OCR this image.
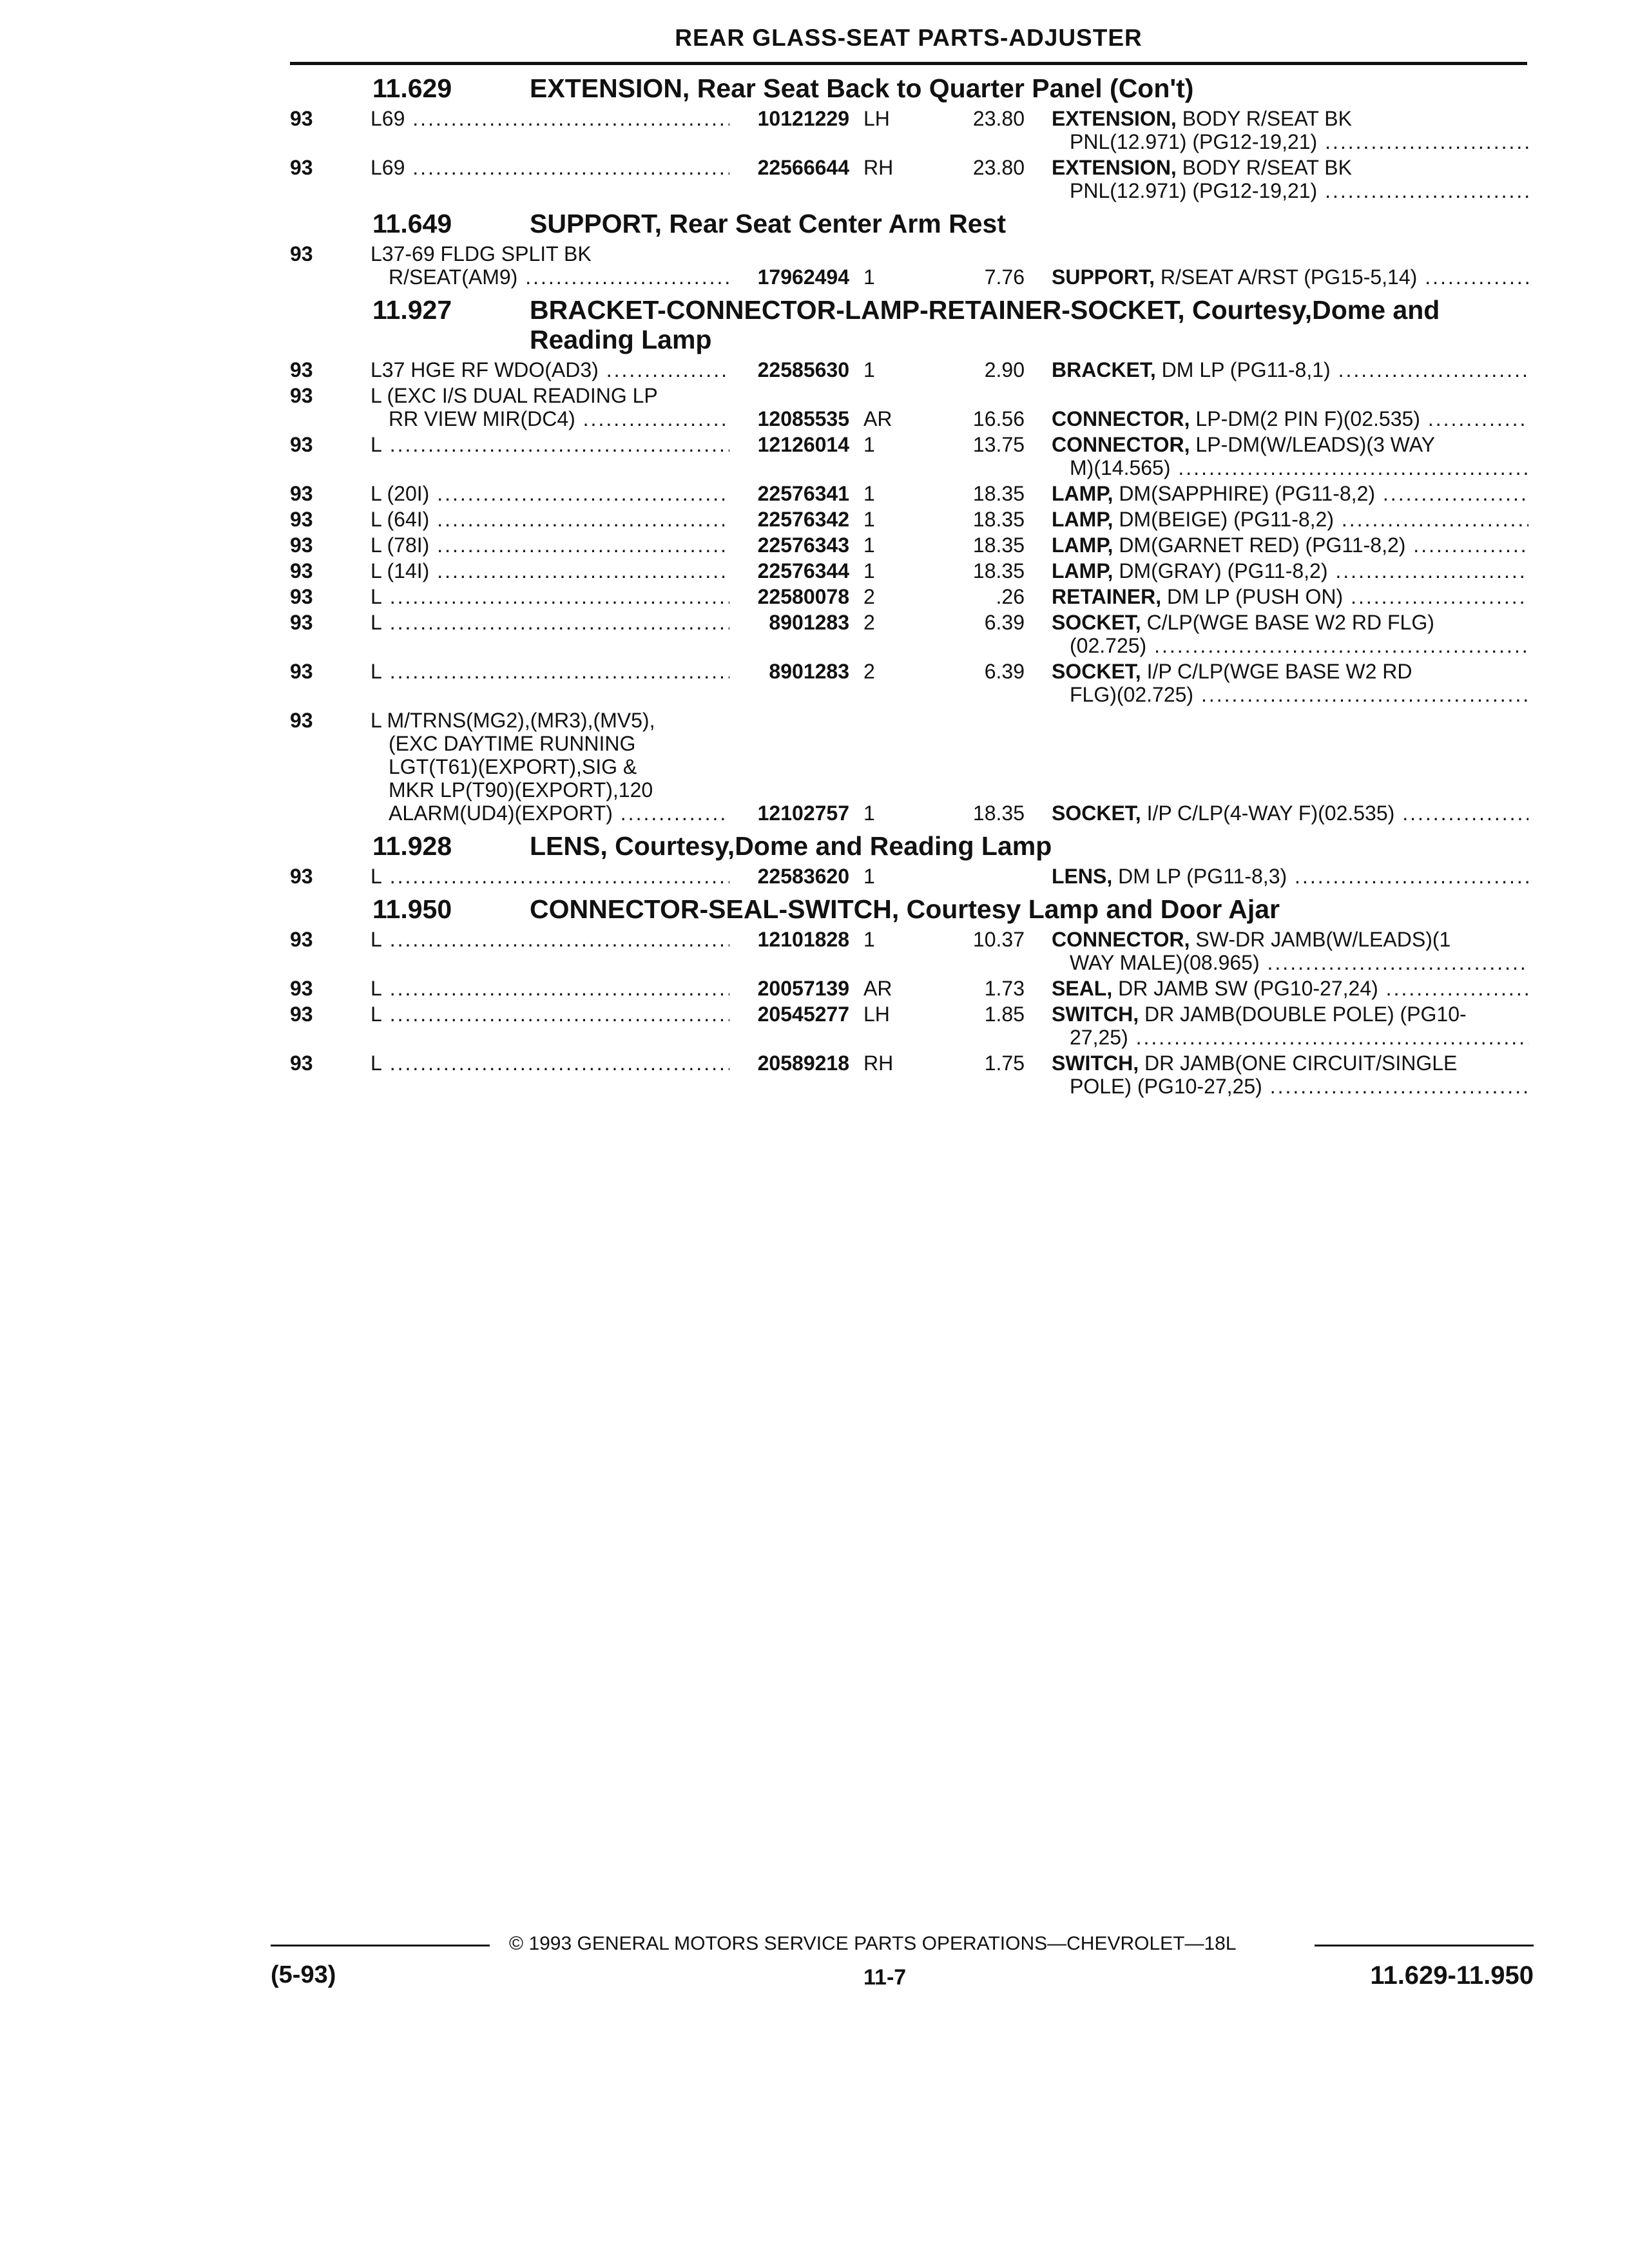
REAR GLASS-SEAT PARTS-ADJUSTER
11.629	EXTENSION, Rear Seat Back to Quarter Panel (Con't)
93	L69 .....	10121229 LH	23.80 EXTENSION, BODY R/SEAT BK
PNL(12.971) (PG12-19,21) .....
93	L69 .....	22566644 RH	23.80 EXTENSION, BODY R/SEAT BK
PNL(12.971) (PG12-19,21) .....
11.649	SUPPORT, Rear Seat Center Arm Rest
93	L37-69 FLDG SPLIT BK
R/SEAT(AM9) .....	17962494 1	7.76 SUPPORT, R/SEAT A/RST (PG15-5,14) .....
11.927	BRACKET-CONNECTOR-LAMP-RETAINER-SOCKET, Courtesy,Dome and Reading Lamp
93	L37 HGE RF WDO(AD3) .....	22585630 1	2.90 BRACKET, DM LP (PG11-8,1) .....
93	L (EXC I/S DUAL READING LP
RR VIEW MIR(DC4) .....	12085535 AR	16.56 CONNECTOR, LP-DM(2 PIN F)(02.535) .....
93	L .....	12126014 1	13.75 CONNECTOR, LP-DM(W/LEADS)(3 WAY
M)(14.565) .....
93	L (20I) .....	22576341 1	18.35 LAMP, DM(SAPPHIRE) (PG11-8,2) .....
93	L (64I) .....	22576342 1	18.35 LAMP, DM(BEIGE) (PG11-8,2) .....
93	L (78I) .....	22576343 1	18.35 LAMP, DM(GARNET RED) (PG11-8,2) .....
93	L (14I) .....	22576344 1	18.35 LAMP, DM(GRAY) (PG11-8,2) .....
93	L .....	22580078 2	.26 RETAINER, DM LP (PUSH ON) .....
93	L .....	8901283 2	6.39 SOCKET, C/LP(WGE BASE W2 RD FLG)
(02.725) .....
93	L .....	8901283 2	6.39 SOCKET, I/P C/LP(WGE BASE W2 RD
FLG)(02.725) .....
93	L M/TRNS(MG2),(MR3),(MV5),
(EXC DAYTIME RUNNING
LGT(T61)(EXPORT),SIG &
MKR LP(T90)(EXPORT),120
ALARM(UD4)(EXPORT) .....	12102757 1	18.35 SOCKET, I/P C/LP(4-WAY F)(02.535) .....
11.928	LENS, Courtesy,Dome and Reading Lamp
93	L .....	22583620 1	LENS, DM LP (PG11-8,3) .....
11.950	CONNECTOR-SEAL-SWITCH, Courtesy Lamp and Door Ajar
93	L .....	12101828 1	10.37 CONNECTOR, SW-DR JAMB(W/LEADS)(1
WAY MALE)(08.965) .....
93	L .....	20057139 AR	1.73 SEAL, DR JAMB SW (PG10-27,24) .....
93	L .....	20545277 LH	1.85 SWITCH, DR JAMB(DOUBLE POLE) (PG10-
27,25) .....
93	L .....	20589218 RH	1.75 SWITCH, DR JAMB(ONE CIRCUIT/SINGLE
POLE) (PG10-27,25) .....
© 1993 GENERAL MOTORS SERVICE PARTS OPERATIONS—CHEVROLET—18L
(5-93)	11-7	11.629-11.950
